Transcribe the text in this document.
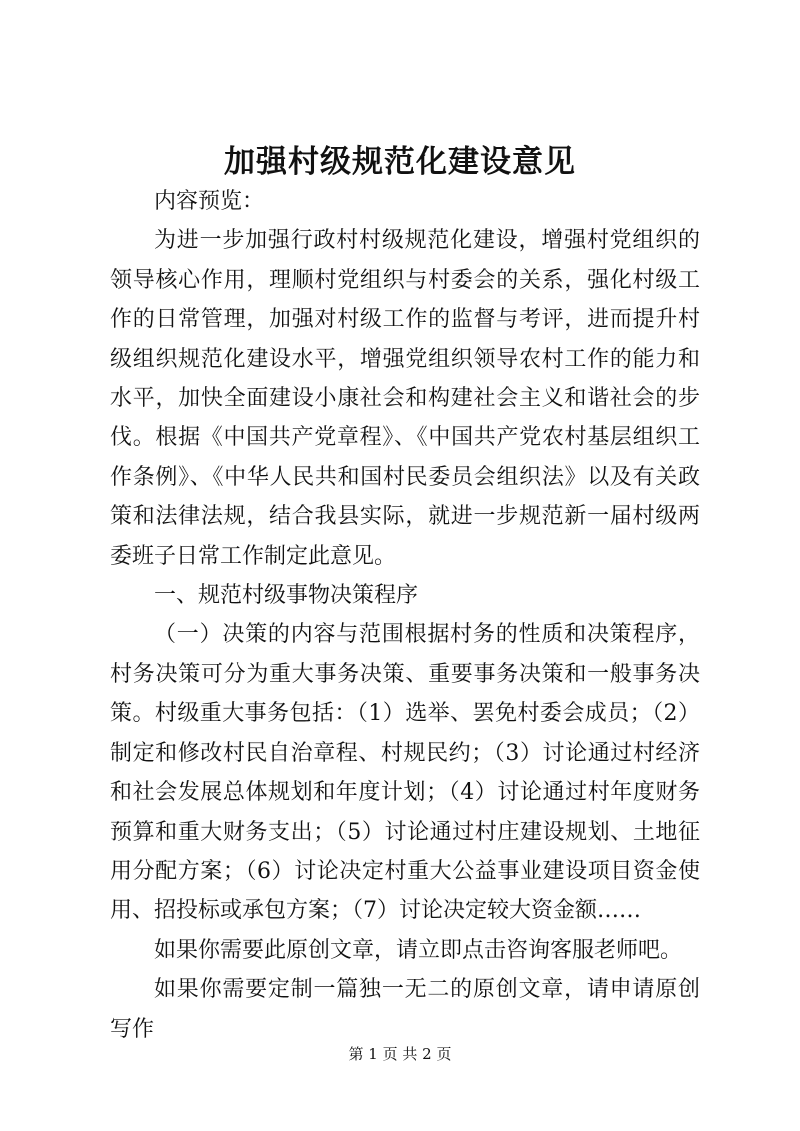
加强村级规范化建设意见

内容预览：

为进一步加强行政村村级规范化建设，增强村党组织的领导核心作用，理顺村党组织与村委会的关系，强化村级工作的日常管理，加强对村级工作的监督与考评，进而提升村级组织规范化建设水平，增强党组织领导农村工作的能力和水平，加快全面建设小康社会和构建社会主义和谐社会的步伐。根据《中国共产党章程》、《中国共产党农村基层组织工作条例》、《中华人民共和国村民委员会组织法》以及有关政策和法律法规，结合我县实际，就进一步规范新一届村级两委班子日常工作制定此意见。

一、规范村级事物决策程序

（一）决策的内容与范围根据村务的性质和决策程序，村务决策可分为重大事务决策、重要事务决策和一般事务决策。村级重大事务包括：（1）选举、罢免村委会成员；（2）制定和修改村民自治章程、村规民约；（3）讨论通过村经济和社会发展总体规划和年度计划；（4）讨论通过村年度财务预算和重大财务支出；（5）讨论通过村庄建设规划、土地征用分配方案；（6）讨论决定村重大公益事业建设项目资金使用、招投标或承包方案；（7）讨论决定较大资金额……

如果你需要此原创文章，请立即点击咨询客服老师吧。

如果你需要定制一篇独一无二的原创文章，请申请原创写作

第 1 页 共 2 页
